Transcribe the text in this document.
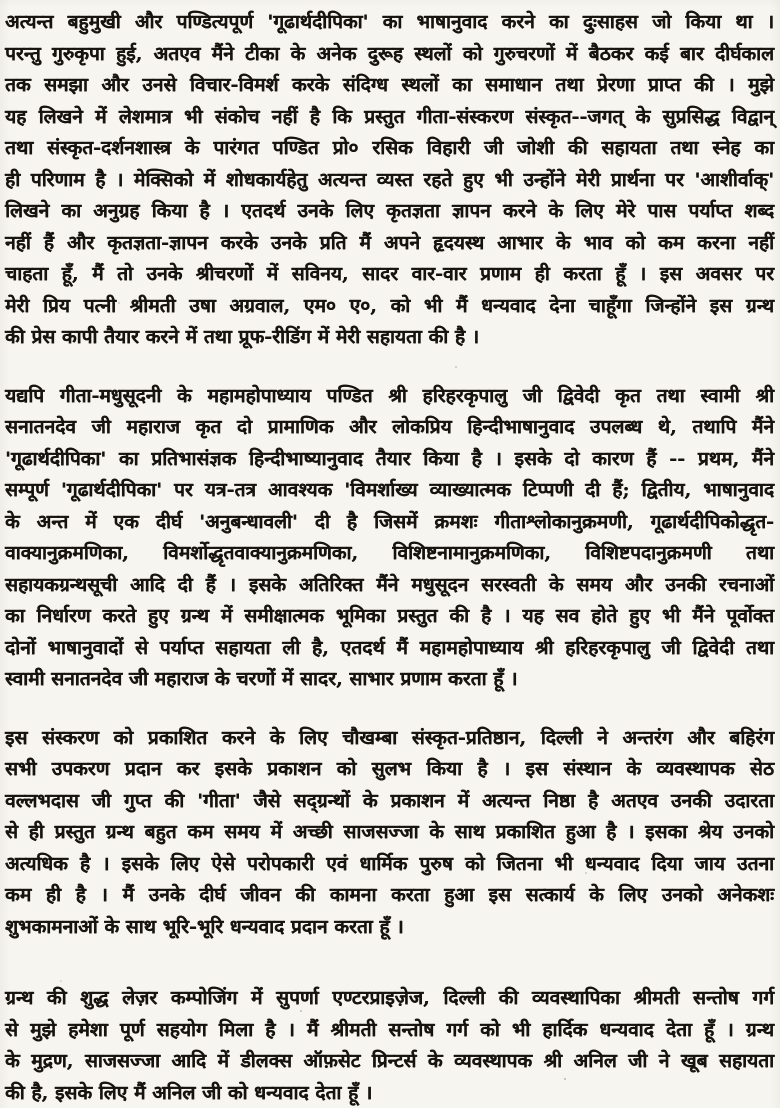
अत्यन्त बहुमुखी और पण्डित्यपूर्ण 'गूढार्थदीपिका' का भाषानुवाद करने का दुःसाहस जो किया था ।
परन्तु गुरुकृपा हुई, अतएव मैंने टीका के अनेक दुरूह स्थलों को गुरुचरणों में बैठकर कई बार दीर्घकाल
तक समझा और उनसे विचार-विमर्श करके संदिग्ध स्थलों का समाधान तथा प्रेरणा प्राप्त की । मुझे
यह लिखने में लेशमात्र भी संकोच नहीं है कि प्रस्तुत गीता-संस्करण संस्कृत--जगत् के सुप्रसिद्ध विद्वान्
तथा संस्कृत-दर्शनशास्त्र के पारंगत पण्डित प्रो० रसिक विहारी जी जोशी की सहायता तथा स्नेह का
ही परिणाम है । मेक्सिको में शोधकार्यहेतु अत्यन्त व्यस्त रहते हुए भी उन्होंने मेरी प्रार्थना पर 'आशीर्वाक्'
लिखने का अनुग्रह किया है । एतदर्थ उनके लिए कृतज्ञता ज्ञापन करने के लिए मेरे पास पर्याप्त शब्द
नहीं हैं और कृतज्ञता-ज्ञापन करके उनके प्रति मैं अपने हृदयस्थ आभार के भाव को कम करना नहीं
चाहता हूँ, मैं तो उनके श्रीचरणों में सविनय, सादर वार-वार प्रणाम ही करता हूँ । इस अवसर पर
मेरी प्रिय पत्नी श्रीमती उषा अग्रवाल, एम० ए०, को भी मैं धन्यवाद देना चाहूँगा जिन्होंने इस ग्रन्थ
की प्रेस कापी तैयार करने में तथा प्रूफ-रीडिंग में मेरी सहायता की है ।
यद्यपि गीता-मधुसूदनी के महामहोपाध्याय पण्डित श्री हरिहरकृपालु जी द्विवेदी कृत तथा स्वामी श्री
सनातनदेव जी महाराज कृत दो प्रामाणिक और लोकप्रिय हिन्दीभाषानुवाद उपलब्ध थे, तथापि मैंने
'गूढार्थदीपिका' का प्रतिभासंज्ञक हिन्दीभाष्यानुवाद तैयार किया है । इसके दो कारण हैं -- प्रथम, मैंने
सम्पूर्ण 'गूढार्थदीपिका' पर यत्र-तत्र आवश्यक 'विमर्शाख्य व्याख्यात्मक टिप्पणी दी हैं; द्वितीय, भाषानुवाद
के अन्त में एक दीर्घ 'अनुबन्धावली' दी है जिसमें क्रमशः गीताश्लोकानुक्रमणी, गूढार्थदीपिकोद्धृत-
वाक्यानुक्रमणिका, विमर्शोद्धृतवाक्यानुक्रमणिका, विशिष्टनामानुक्रमणिका, विशिष्टपदानुक्रमणी तथा
सहायकग्रन्थसूची आदि दी हैं । इसके अतिरिक्त मैंने मधुसूदन सरस्वती के समय और उनकी रचनाओं
का निर्धारण करते हुए ग्रन्थ में समीक्षात्मक भूमिका प्रस्तुत की है । यह सव होते हुए भी मैंने पूर्वोक्त
दोनों भाषानुवादों से पर्याप्त सहायता ली है, एतदर्थ मैं महामहोपाध्याय श्री हरिहरकृपालु जी द्विवेदी तथा
स्वामी सनातनदेव जी महाराज के चरणों में सादर, साभार प्रणाम करता हूँ ।
इस संस्करण को प्रकाशित करने के लिए चौखम्बा संस्कृत-प्रतिष्ठान, दिल्ली ने अन्तरंग और बहिरंग
सभी उपकरण प्रदान कर इसके प्रकाशन को सुलभ किया है । इस संस्थान के व्यवस्थापक सेठ
वल्लभदास जी गुप्त की 'गीता' जैसे सद्ग्रन्थों के प्रकाशन में अत्यन्त निष्ठा है अतएव उनकी उदारता
से ही प्रस्तुत ग्रन्थ बहुत कम समय में अच्छी साजसज्जा के साथ प्रकाशित हुआ है । इसका श्रेय उनको
अत्यधिक है । इसके लिए ऐसे परोपकारी एवं धार्मिक पुरुष को जितना भी धन्यवाद दिया जाय उतना
कम ही है । मैं उनके दीर्घ जीवन की कामना करता हुआ इस सत्कार्य के लिए उनको अनेकशः
शुभकामनाओं के साथ भूरि-भूरि धन्यवाद प्रदान करता हूँ ।
ग्रन्थ की शुद्ध लेज़र कम्पोजिंग में सुपर्णा एण्टरप्राइज़ेज, दिल्ली की व्यवस्थापिका श्रीमती सन्तोष गर्ग
से मुझे हमेशा पूर्ण सहयोग मिला है । मैं श्रीमती सन्तोष गर्ग को भी हार्दिक धन्यवाद देता हूँ । ग्रन्थ
के मुद्रण, साजसज्जा आदि में डीलक्स ऑफ़सेट प्रिन्टर्स के व्यवस्थापक श्री अनिल जी ने खूब सहायता
की है, इसके लिए मैं अनिल जी को धन्यवाद देता हूँ ।
